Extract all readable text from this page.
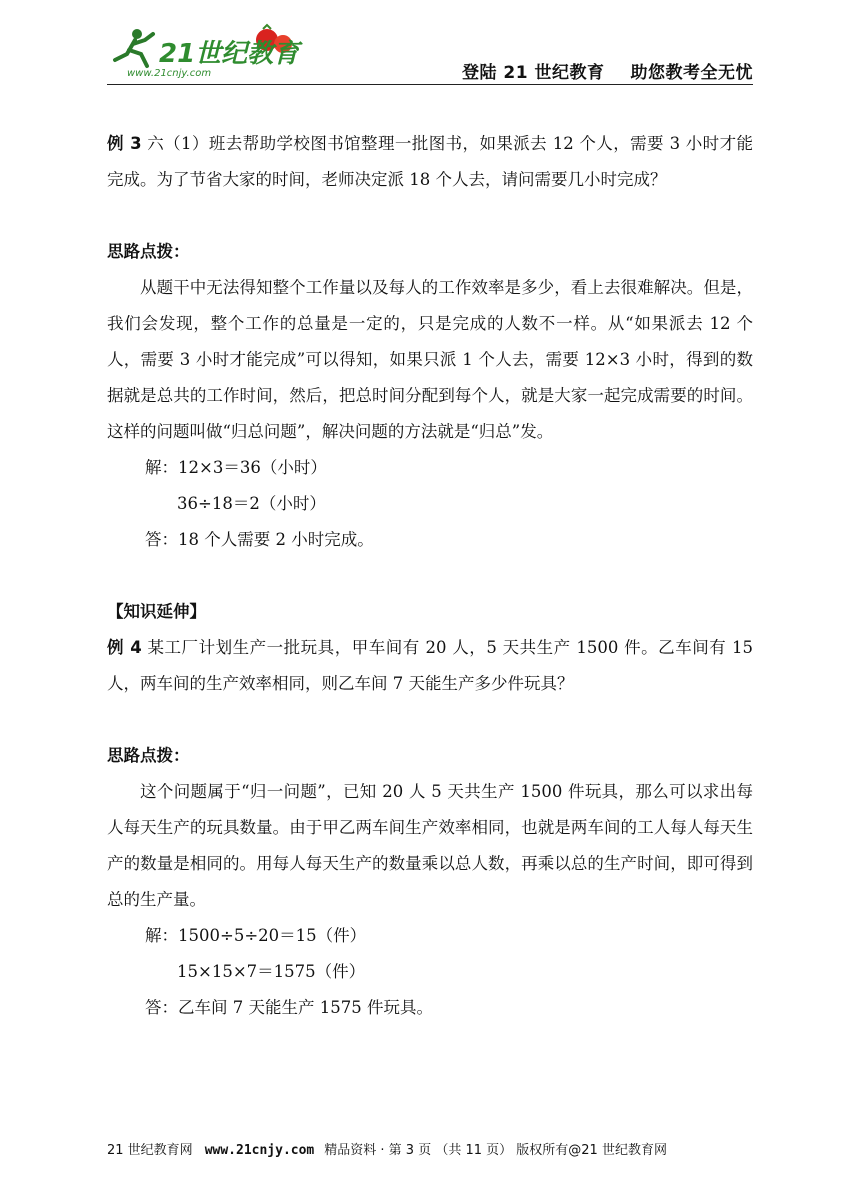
21世纪教育
www.21cnjy.com	登陆 21 世纪教育 助您教考全无忧

例 3 六（1）班去帮助学校图书馆整理一批图书，如果派去 12 个人，需要 3 小时才能完成。为了节省大家的时间，老师决定派 18 个人去，请问需要几小时完成？

思路点拨：

从题干中无法得知整个工作量以及每人的工作效率是多少，看上去很难解决。但是，我们会发现，整个工作的总量是一定的，只是完成的人数不一样。从“如果派去 12 个人，需要 3 小时才能完成”可以得知，如果只派 1 个人去，需要 12×3 小时，得到的数据就是总共的工作时间，然后，把总时间分配到每个人，就是大家一起完成需要的时间。这样的问题叫做“归总问题”，解决问题的方法就是“归总”发。

解：12×3＝36（小时）

36÷18＝2（小时）

答：18 个人需要 2 小时完成。

【知识延伸】

例 4 某工厂计划生产一批玩具，甲车间有 20 人，5 天共生产 1500 件。乙车间有 15 人，两车间的生产效率相同，则乙车间 7 天能生产多少件玩具？

思路点拨：

这个问题属于“归一问题”，已知 20 人 5 天共生产 1500 件玩具，那么可以求出每人每天生产的玩具数量。由于甲乙两车间生产效率相同，也就是两车间的工人每人每天生产的数量是相同的。用每人每天生产的数量乘以总人数，再乘以总的生产时间，即可得到总的生产量。

解：1500÷5÷20＝15（件）

15×15×7＝1575（件）

答：乙车间 7 天能生产 1575 件玩具。

21 世纪教育网 www.21cnjy.com 精品资料 · 第 3 页 （共 11 页） 版权所有@21 世纪教育网
